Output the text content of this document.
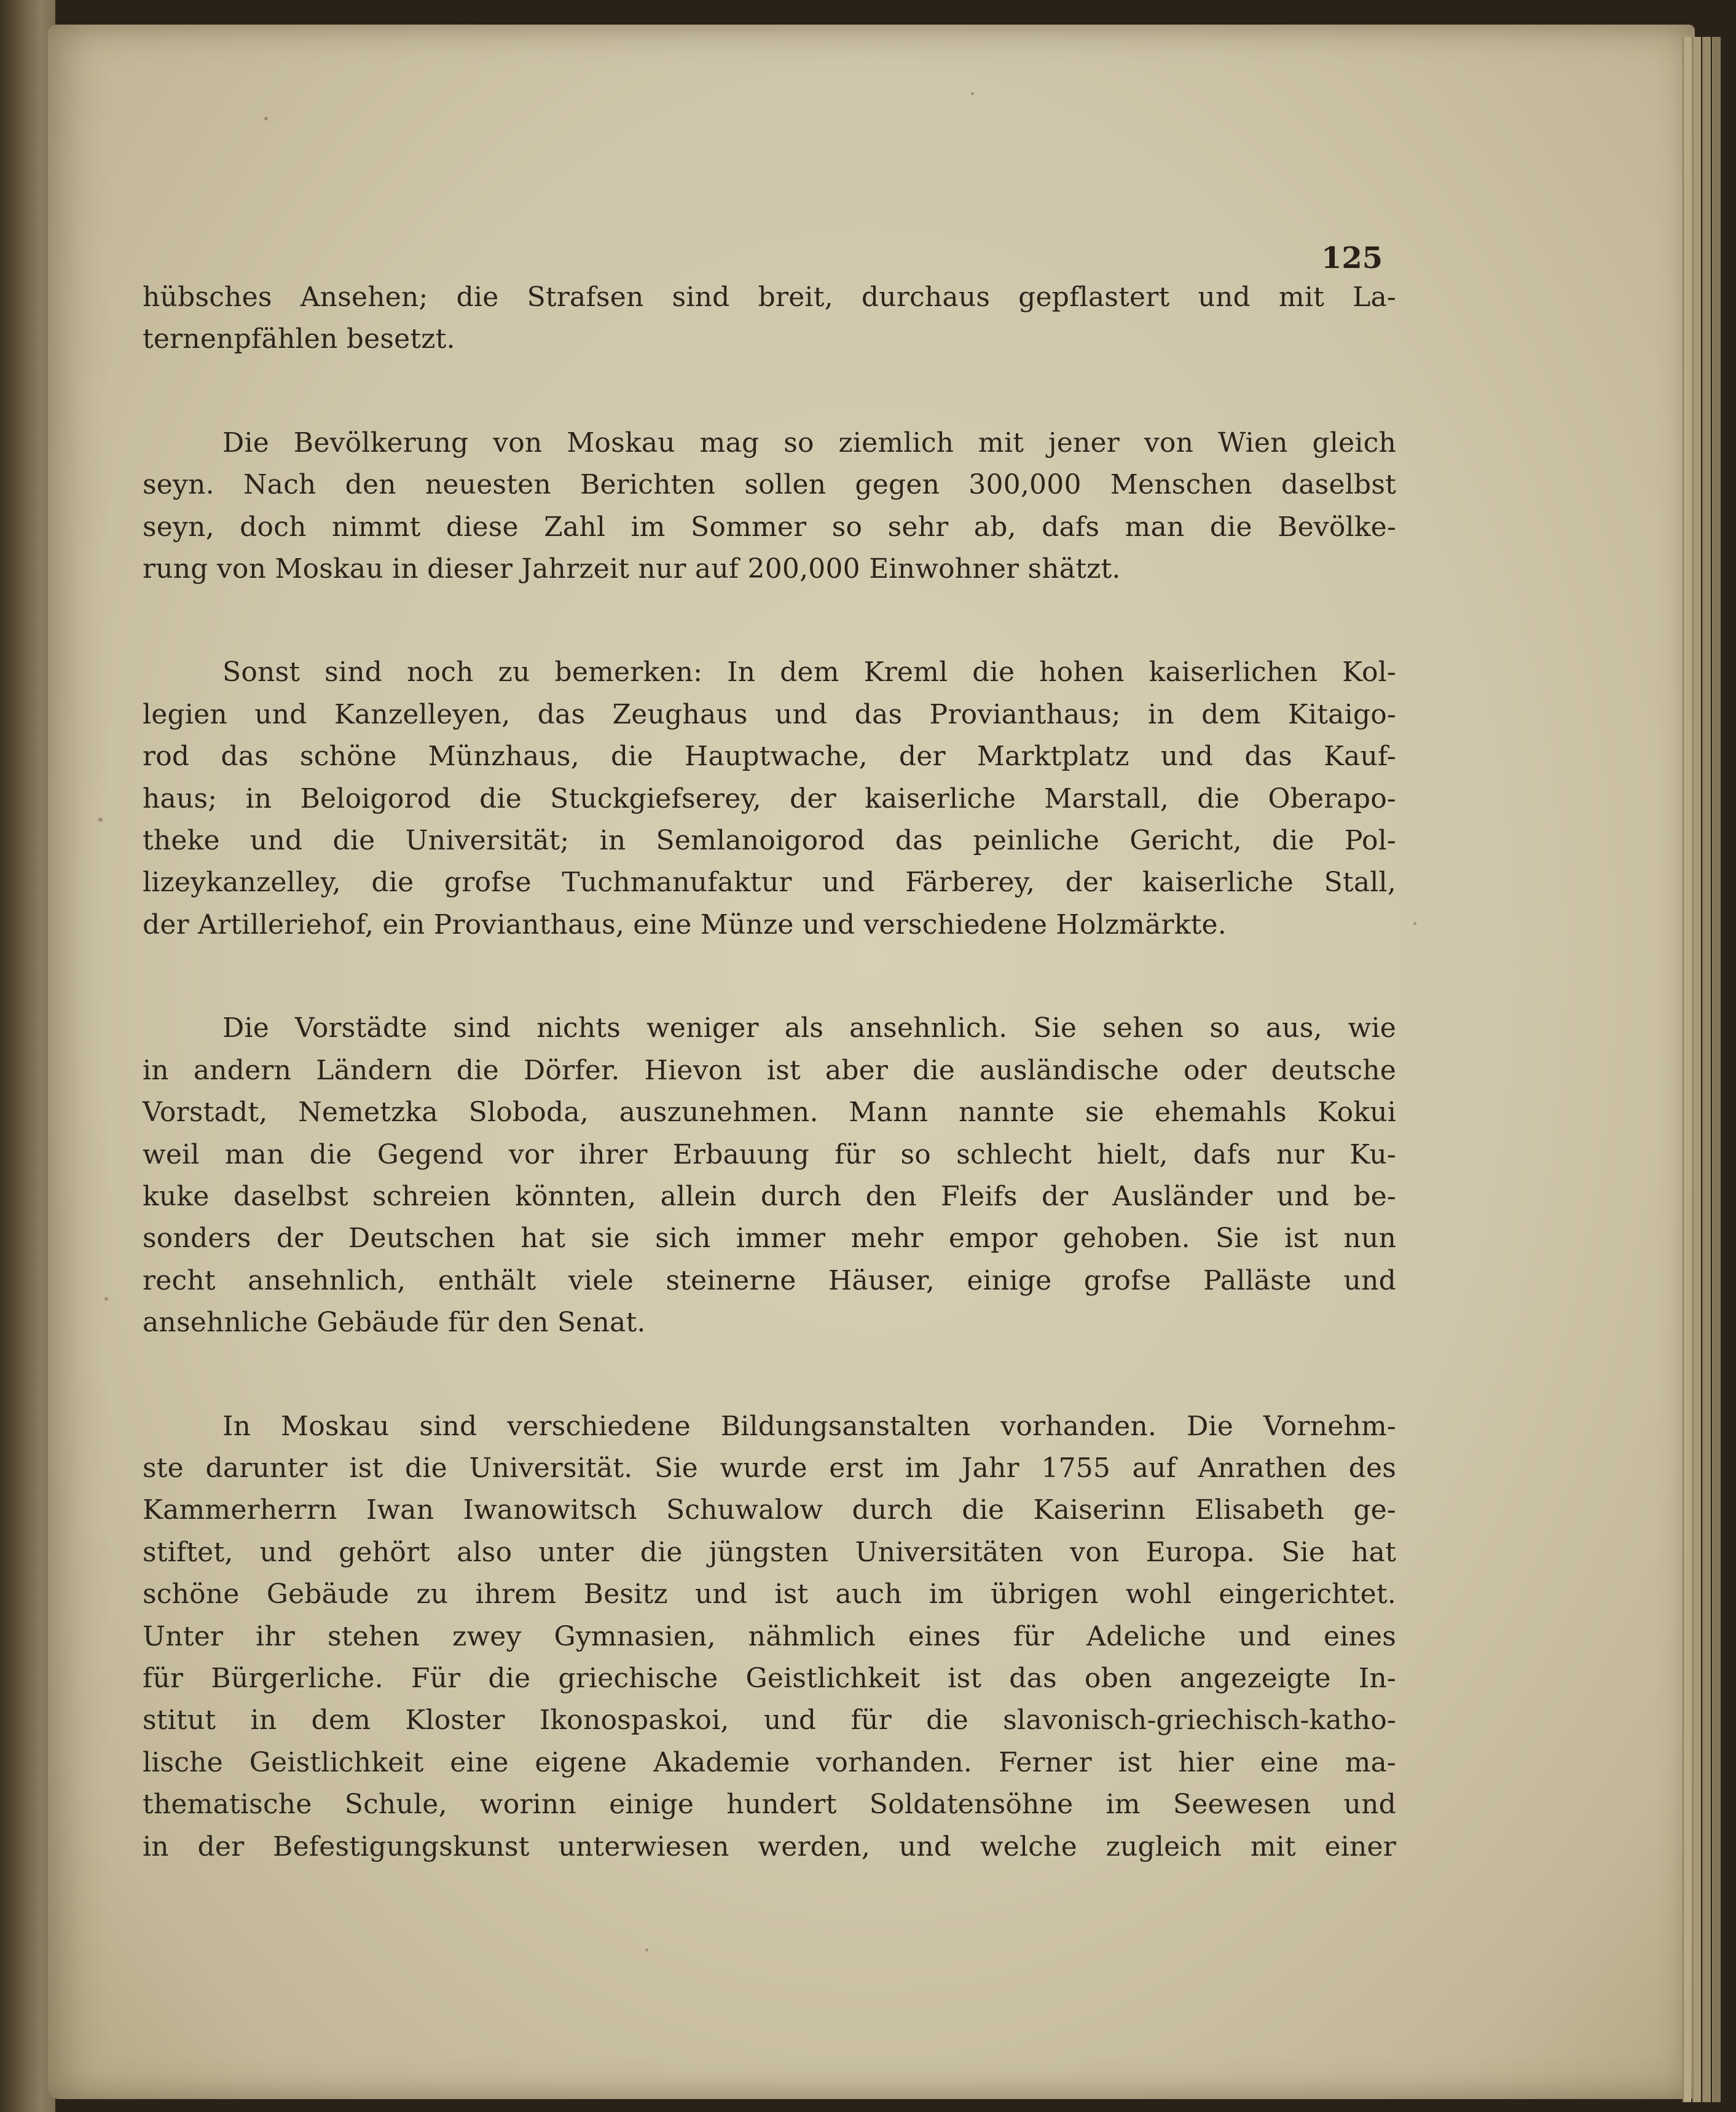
125
hübsches Ansehen; die Strafsen sind breit, durchaus gepflastert und mit La-
ternenpfählen besetzt.
Die Bevölkerung von Moskau mag so ziemlich mit jener von Wien gleich
seyn. Nach den neuesten Berichten sollen gegen 300,000 Menschen daselbst
seyn, doch nimmt diese Zahl im Sommer so sehr ab, dafs man die Bevölke-
rung von Moskau in dieser Jahrzeit nur auf 200,000 Einwohner shätzt.
Sonst sind noch zu bemerken: In dem Kreml die hohen kaiserlichen Kol-
legien und Kanzelleyen, das Zeughaus und das Provianthaus; in dem Kitaigo-
rod das schöne Münzhaus, die Hauptwache, der Marktplatz und das Kauf-
haus; in Beloigorod die Stuckgiefserey, der kaiserliche Marstall, die Oberapo-
theke und die Universität; in Semlanoigorod das peinliche Gericht, die Pol-
lizeykanzelley, die grofse Tuchmanufaktur und Färberey, der kaiserliche Stall,
der Artilleriehof, ein Provianthaus, eine Münze und verschiedene Holzmärkte.
Die Vorstädte sind nichts weniger als ansehnlich. Sie sehen so aus, wie
in andern Ländern die Dörfer. Hievon ist aber die ausländische oder deutsche
Vorstadt, Nemetzka Sloboda, auszunehmen. Mann nannte sie ehemahls Kokui
weil man die Gegend vor ihrer Erbauung für so schlecht hielt, dafs nur Ku-
kuke daselbst schreien könnten, allein durch den Fleifs der Ausländer und be-
sonders der Deutschen hat sie sich immer mehr empor gehoben. Sie ist nun
recht ansehnlich, enthält viele steinerne Häuser, einige grofse Palläste und
ansehnliche Gebäude für den Senat.
In Moskau sind verschiedene Bildungsanstalten vorhanden. Die Vornehm-
ste darunter ist die Universität. Sie wurde erst im Jahr 1755 auf Anrathen des
Kammerherrn Iwan Iwanowitsch Schuwalow durch die Kaiserinn Elisabeth ge-
stiftet, und gehört also unter die jüngsten Universitäten von Europa. Sie hat
schöne Gebäude zu ihrem Besitz und ist auch im übrigen wohl eingerichtet.
Unter ihr stehen zwey Gymnasien, nähmlich eines für Adeliche und eines
für Bürgerliche. Für die griechische Geistlichkeit ist das oben angezeigte In-
stitut in dem Kloster Ikonospaskoi, und für die slavonisch-griechisch-katho-
lische Geistlichkeit eine eigene Akademie vorhanden. Ferner ist hier eine ma-
thematische Schule, worinn einige hundert Soldatensöhne im Seewesen und
in der Befestigungskunst unterwiesen werden, und welche zugleich mit einer
